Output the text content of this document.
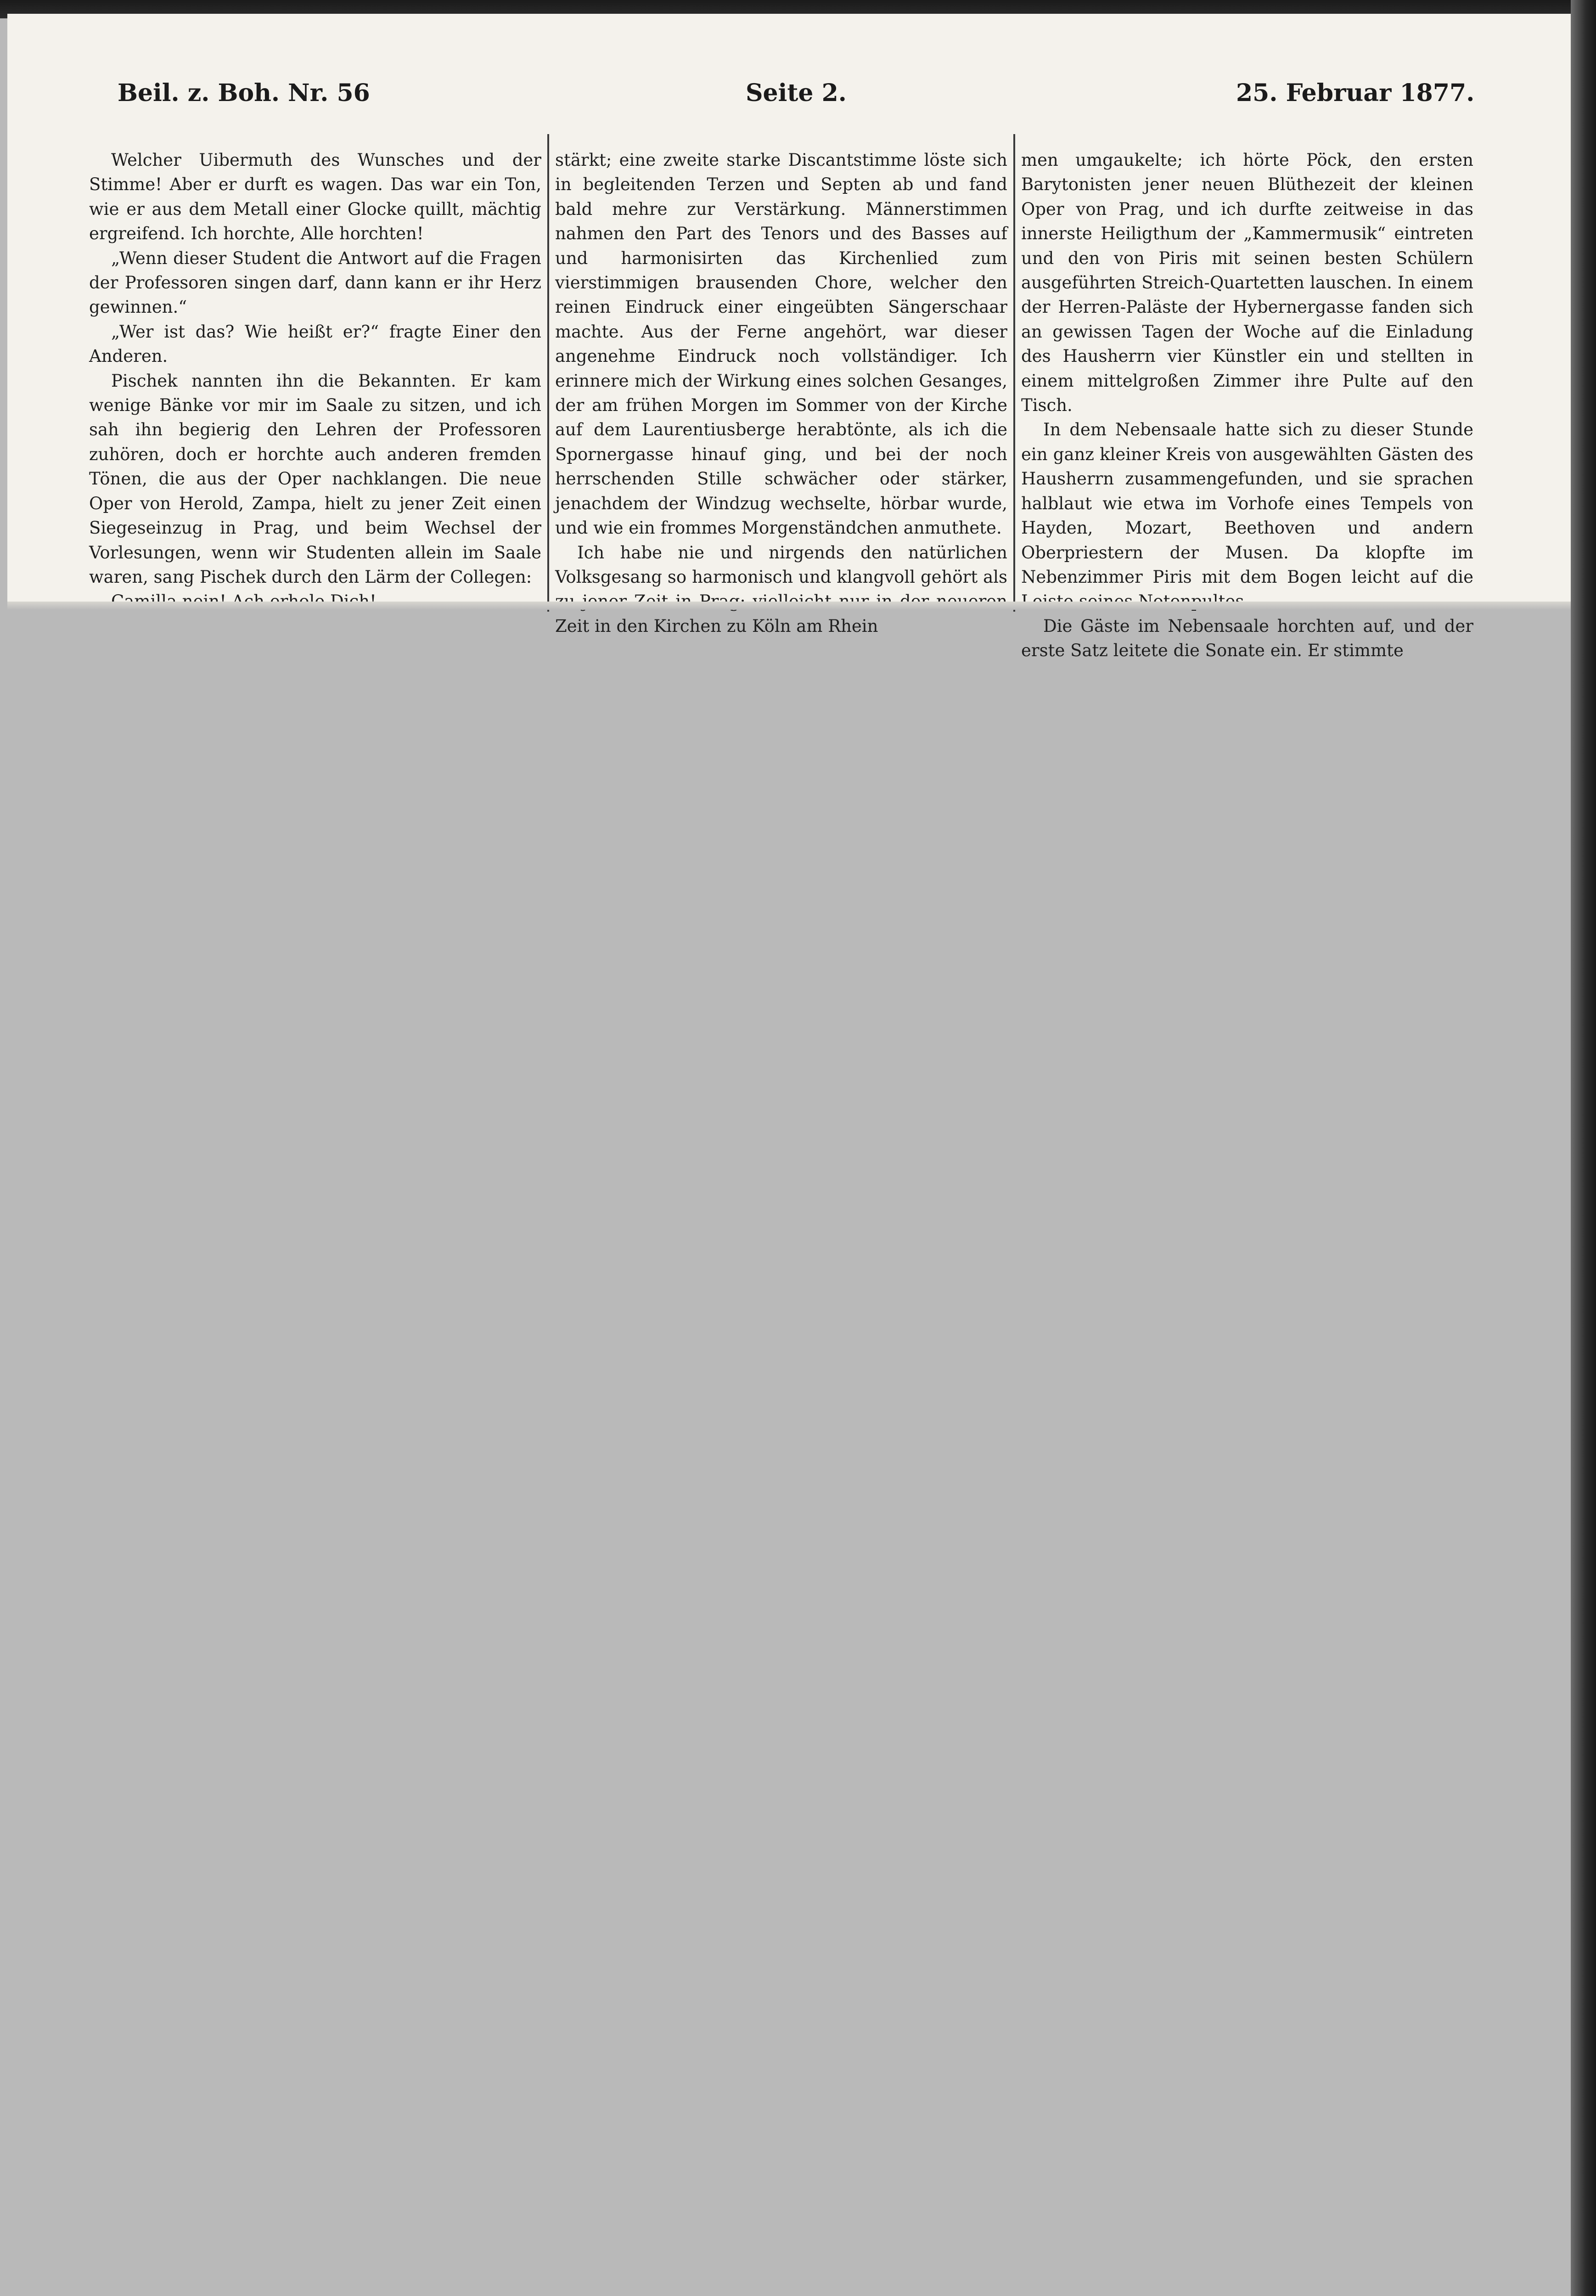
Beil. z. Boh. Nr. 56	Seite 2.	25. Februar 1877.

Welcher Uibermuth des Wunsches und der Stimme! Aber er durft es wagen. Das war ein Ton, wie er aus dem Metall einer Glocke quillt, mächtig ergreifend. Ich horchte, Alle horchten!

„Wenn dieser Student die Antwort auf die Fragen der Professoren singen darf, dann kann er ihr Herz gewinnen.“

„Wer ist das? Wie heißt er?“ fragte Einer den Anderen.

Pischek nannten ihn die Bekannten. Er kam wenige Bänke vor mir im Saale zu sitzen, und ich sah ihn begierig den Lehren der Professoren zuhören, doch er horchte auch anderen fremden Tönen, die aus der Oper nachklangen. Die neue Oper von Herold, Zampa, hielt zu jener Zeit einen Siegeseinzug in Prag, und beim Wechsel der Vorlesungen, wenn wir Studenten allein im Saale waren, sang Pischek durch den Lärm der Collegen:

stärkt; eine zweite starke Discantstimme löste sich in begleitenden Terzen und Septen ab und fand bald mehre zur Verstärkung. Männerstimmen nahmen den Part des Tenors und des Basses auf und harmonisirten das Kirchenlied zum vierstimmigen brausenden Chore, welcher den reinen Eindruck einer eingeübten Sängerschaar machte. Aus der Ferne angehört, war dieser angenehme Eindruck noch vollständiger. Ich erinnere mich der Wirkung eines solchen Gesanges, der am frühen Morgen im Sommer von der Kirche auf dem Laurentiusberge herabtönte, als ich die Spornergasse hinauf ging, und bei der noch herrschenden Stille schwächer oder stärker, jenachdem der Windzug wechselte, hörbar wurde, und wie ein frommes Morgenständchen anmuthete.

Ich habe nie und nirgends den natürlichen Volksgesang so harmonisch und klangvoll gehört als Zeit in den Kirchen zu Köln am Rhein

men umgaukelte; ich hörte Pöck, den ersten Barytonisten jener neuen Blüthezeit der kleinen Oper von Prag, und ich durfte zeitweise in das innerste Heiligthum der „Kammermusik“ eintreten und den von Piris mit seinen besten Schülern ausgeführten Streich-Quartetten lauschen. In einem der Herren-Paläste der Hybernergasse fanden sich an gewissen Tagen der Woche auf die Einladung des Hausherrn vier Künstler ein und stellten in einem mittelgroßen Zimmer ihre Pulte auf den Tisch.

In dem Nebensaale hatte sich zu dieser Stunde ein ganz kleiner Kreis von ausgewählten Gästen des Hausherrn zusammengefunden, und sie sprachen halblaut wie etwa im Vorhofe eines Tempels von Hayden, Mozart, Beethoven und andern Oberpriestern der Musen. Da klopfte im Nebenzimmer Piris mit dem Bogen leicht auf die

Die Gäste im Nebensaale horchten auf, und der erste Satz leitete die Sonate ein. Er stimmte
